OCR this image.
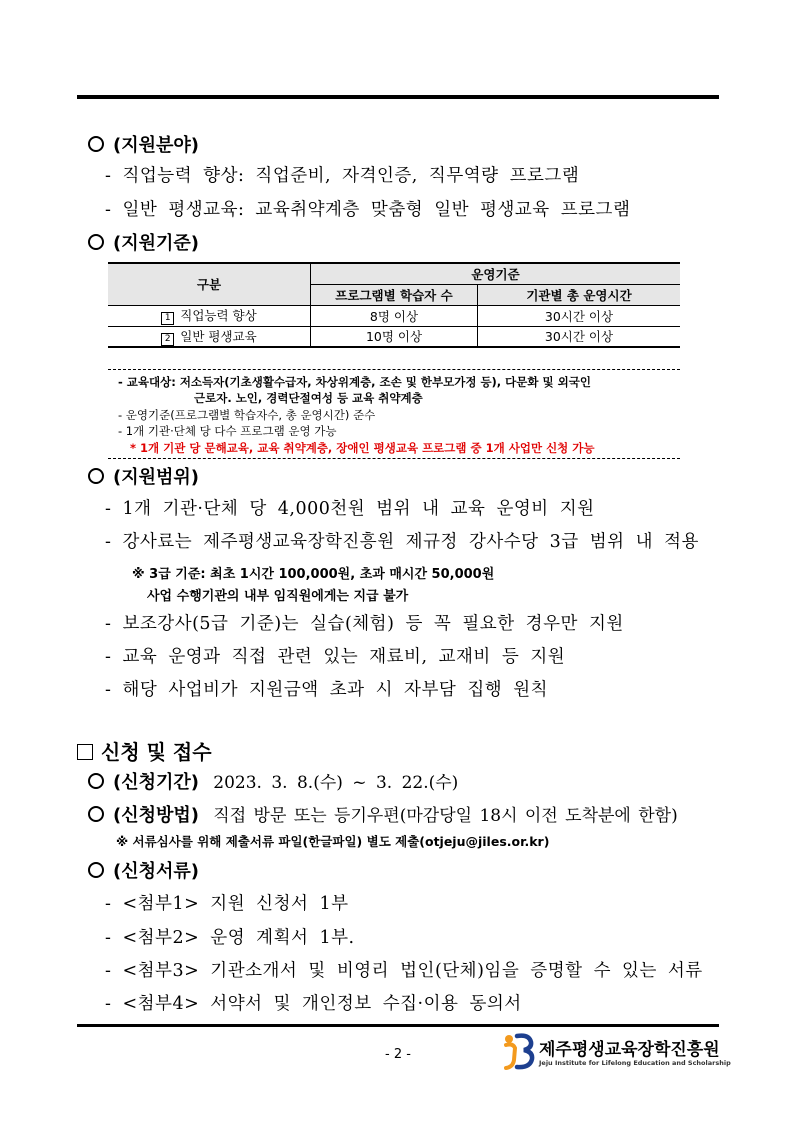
(지원분야)
- 직업능력 향상: 직업준비, 자격인증, 직무역량 프로그램
- 일반 평생교육: 교육취약계층 맞춤형 일반 평생교육 프로그램
(지원기준)
구분	운영기준	
	프로그램별 학습자 수	기관별 총 운영시간
1 직업능력 향상	8명 이상	30시간 이상
2 일반 평생교육	10명 이상	30시간 이상
- 교육대상: 저소득자(기초생활수급자, 차상위계층, 조손 및 한부모가정 등), 다문화 및 외국인
근로자. 노인, 경력단절여성 등 교육 취약계층
- 운영기준(프로그램별 학습자수, 총 운영시간) 준수
- 1개 기관·단체 당 다수 프로그램 운영 가능
* 1개 기관 당 문해교육, 교육 취약계층, 장애인 평생교육 프로그램 중 1개 사업만 신청 가능
(지원범위)
- 1개 기관·단체 당 4,000천원 범위 내 교육 운영비 지원
- 강사료는 제주평생교육장학진흥원 제규정 강사수당 3급 범위 내 적용
※ 3급 기준: 최초 1시간 100,000원, 초과 매시간 50,000원
사업 수행기관의 내부 임직원에게는 지급 불가
- 보조강사(5급 기준)는 실습(체험) 등 꼭 필요한 경우만 지원
- 교육 운영과 직접 관련 있는 재료비, 교재비 등 지원
- 해당 사업비가 지원금액 초과 시 자부담 집행 원칙
신청 및 접수
(신청기간) 2023. 3. 8.(수) ~ 3. 22.(수)
(신청방법) 직접 방문 또는 등기우편(마감당일 18시 이전 도착분에 한함)
※ 서류심사를 위해 제출서류 파일(한글파일) 별도 제출(otjeju@jiles.or.kr)
(신청서류)
- <첨부1> 지원 신청서 1부
- <첨부2> 운영 계획서 1부.
- <첨부3> 기관소개서 및 비영리 법인(단체)임을 증명할 수 있는 서류
- <첨부4> 서약서 및 개인정보 수집·이용 동의서
- 2 -	제주평생교육장학진흥원
Jeju Institute for Lifelong Education and Scholarship
